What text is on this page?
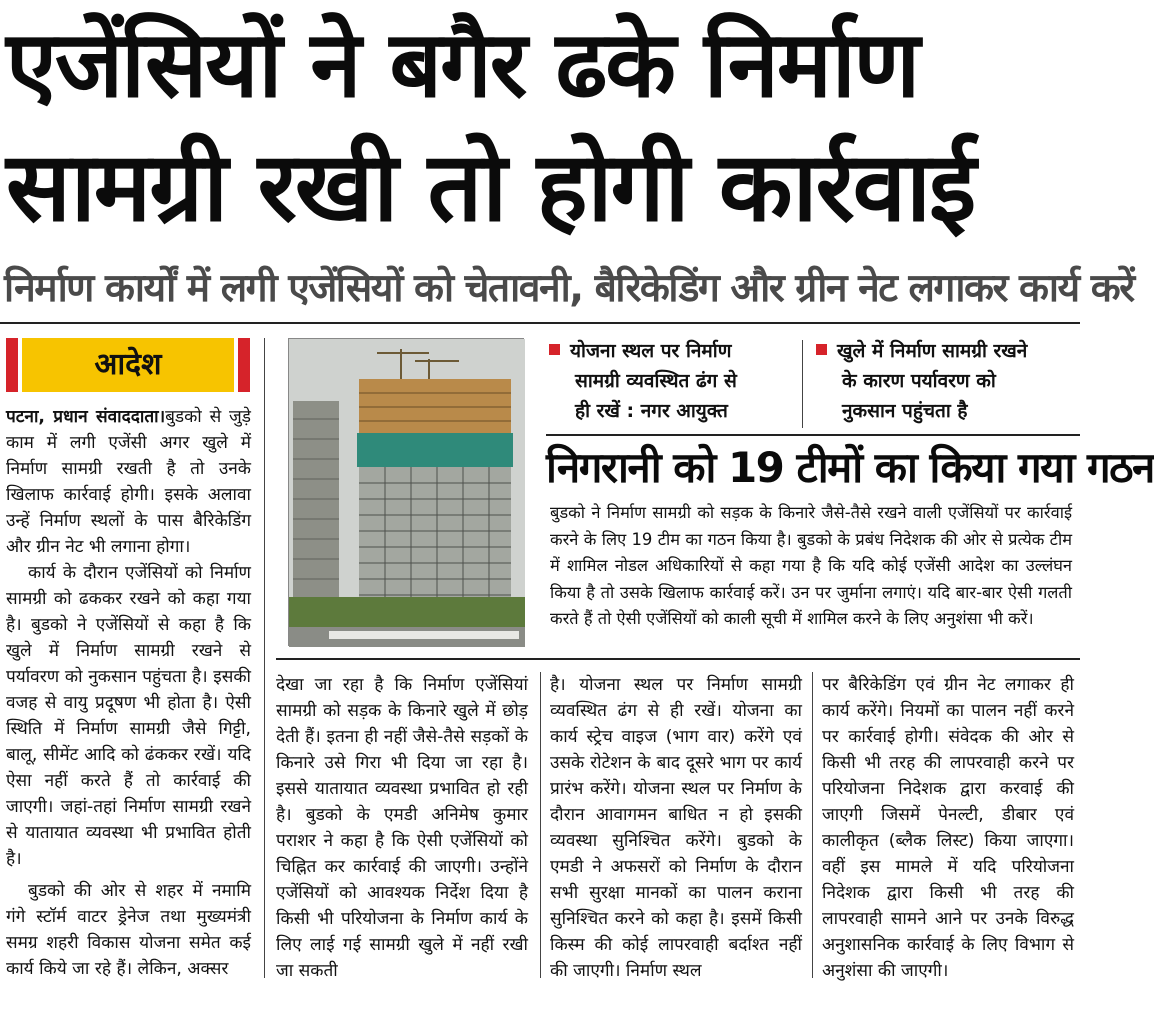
एजेंसियों ने बगैर ढके निर्माण
सामग्री रखी तो होगी कार्रवाई
निर्माण कार्यों में लगी एजेंसियों को चेतावनी, बैरिकेडिंग और ग्रीन नेट लगाकर कार्य करें
आदेश

पटना, प्रधान संवाददाता।बुडको से जुड़े काम में लगी एजेंसी अगर खुले में निर्माण सामग्री रखती है तो उनके खिलाफ कार्रवाई होगी। इसके अलावा उन्हें निर्माण स्थलों के पास बैरिकेडिंग और ग्रीन नेट भी लगाना होगा।

कार्य के दौरान एजेंसियों को निर्माण सामग्री को ढककर रखने को कहा गया है। बुडको ने एजेंसियों से कहा है कि खुले में निर्माण सामग्री रखने से पर्यावरण को नुकसान पहुंचता है। इसकी वजह से वायु प्रदूषण भी होता है। ऐसी स्थिति में निर्माण सामग्री जैसे गिट्टी, बालू, सीमेंट आदि को ढंककर रखें। यदि ऐसा नहीं करते हैं तो कार्रवाई की जाएगी। जहां-तहां निर्माण सामग्री रखने से यातायात व्यवस्था भी प्रभावित होती है।

बुडको की ओर से शहर में नमामि गंगे स्टॉर्म वाटर ड्रेनेज तथा मुख्यमंत्री समग्र शहरी विकास योजना समेत कई कार्य किये जा रहे हैं। लेकिन, अक्सर

योजना स्थल पर निर्माण
सामग्री व्यवस्थित ढंग से
ही रखें : नगर आयुक्त
खुले में निर्माण सामग्री रखने
के कारण पर्यावरण को
नुकसान पहुंचता है
निगरानी को 19 टीमों का किया गया गठन
बुडको ने निर्माण सामग्री को सड़क के किनारे जैसे-तैसे रखने वाली एजेंसियों पर कार्रवाई करने के लिए 19 टीम का गठन किया है। बुडको के प्रबंध निदेशक की ओर से प्रत्येक टीम में शामिल नोडल अधिकारियों से कहा गया है कि यदि कोई एजेंसी आदेश का उल्लंघन किया है तो उसके खिलाफ कार्रवाई करें। उन पर जुर्माना लगाएं। यदि बार-बार ऐसी गलती करते हैं तो ऐसी एजेंसियों को काली सूची में शामिल करने के लिए अनुशंसा भी करें।

देखा जा रहा है कि निर्माण एजेंसियां सामग्री को सड़क के किनारे खुले में छोड़ देती हैं। इतना ही नहीं जैसे-तैसे सड़कों के किनारे उसे गिरा भी दिया जा रहा है। इससे यातायात व्यवस्था प्रभावित हो रही है। बुडको के एमडी अनिमेष कुमार पराशर ने कहा है कि ऐसी एजेंसियों को चिह्नित कर कार्रवाई की जाएगी। उन्होंने एजेंसियों को आवश्यक निर्देश दिया है किसी भी परियोजना के निर्माण कार्य के लिए लाई गई सामग्री खुले में नहीं रखी जा सकती

है। योजना स्थल पर निर्माण सामग्री व्यवस्थित ढंग से ही रखें। योजना का कार्य स्ट्रेच वाइज (भाग वार) करेंगे एवं उसके रोटेशन के बाद दूसरे भाग पर कार्य प्रारंभ करेंगे। योजना स्थल पर निर्माण के दौरान आवागमन बाधित न हो इसकी व्यवस्था सुनिश्चित करेंगे। बुडको के एमडी ने अफसरों को निर्माण के दौरान सभी सुरक्षा मानकों का पालन कराना सुनिश्चित करने को कहा है। इसमें किसी किस्म की कोई लापरवाही बर्दाश्त नहीं की जाएगी। निर्माण स्थल

पर बैरिकेडिंग एवं ग्रीन नेट लगाकर ही कार्य करेंगे। नियमों का पालन नहीं करने पर कार्रवाई होगी। संवेदक की ओर से किसी भी तरह की लापरवाही करने पर परियोजना निदेशक द्वारा करवाई की जाएगी जिसमें पेनल्टी, डीबार एवं कालीकृत (ब्लैक लिस्ट) किया जाएगा। वहीं इस मामले में यदि परियोजना निदेशक द्वारा किसी भी तरह की लापरवाही सामने आने पर उनके विरुद्ध अनुशासनिक कार्रवाई के लिए विभाग से अनुशंसा की जाएगी।
